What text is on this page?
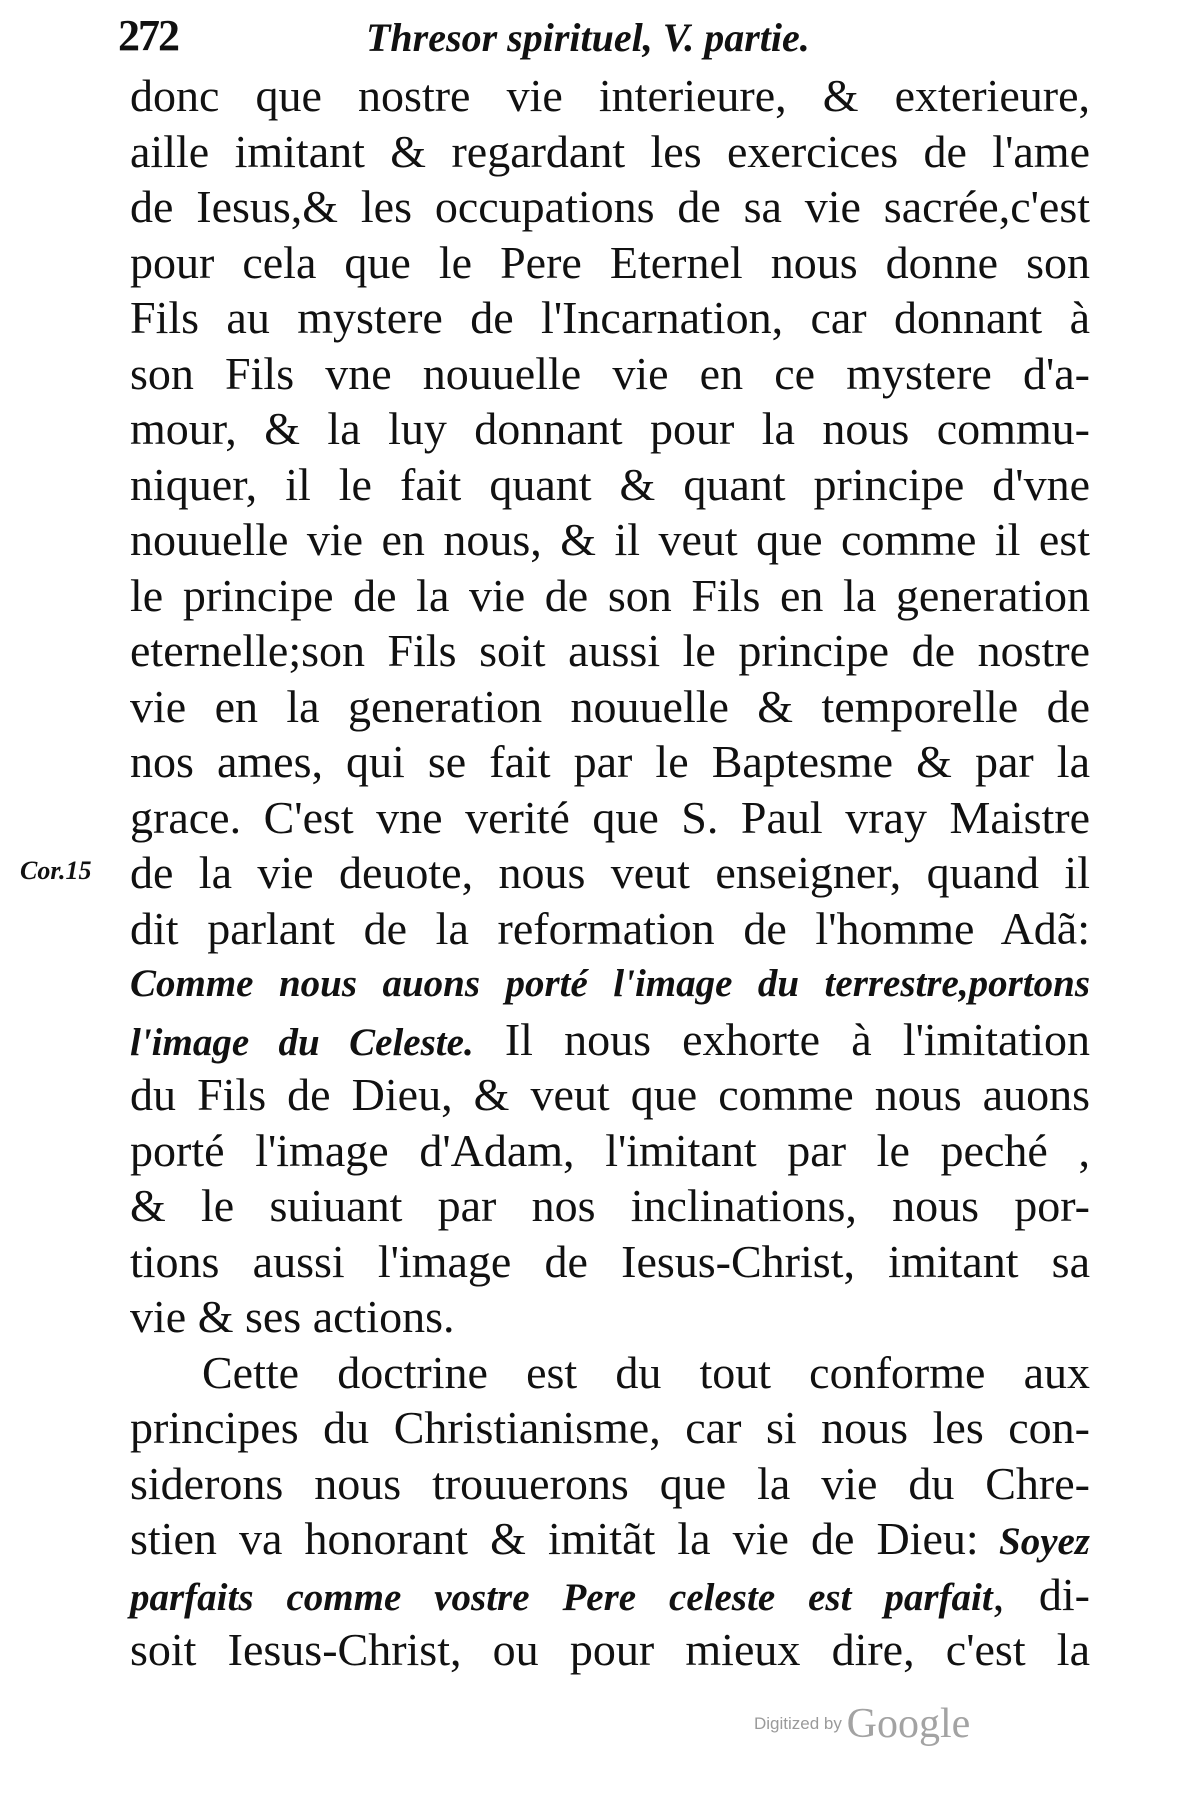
272	Thresor spirituel, V. partie.
Cor.15
donc que nostre vie interieure, & exterieure,
aille imitant & regardant les exercices de l'ame
de Iesus,& les occupations de sa vie sacrée,c'est
pour cela que le Pere Eternel nous donne son
Fils au mystere de l'Incarnation, car donnant à
son Fils vne nouuelle vie en ce mystere d'a-
mour, & la luy donnant pour la nous commu-
niquer, il le fait quant & quant principe d'vne
nouuelle vie en nous, & il veut que comme il est
le principe de la vie de son Fils en la generation
eternelle;son Fils soit aussi le principe de nostre
vie en la generation nouuelle & temporelle de
nos ames, qui se fait par le Baptesme & par la
grace. C'est vne verité que S. Paul vray Maistre
de la vie deuote, nous veut enseigner, quand il
dit parlant de la reformation de l'homme Adã:
Comme nous auons porté l'image du terrestre,portons
l'image du Celeste. Il nous exhorte à l'imitation
du Fils de Dieu, & veut que comme nous auons
porté l'image d'Adam, l'imitant par le peché ,
& le suiuant par nos inclinations, nous por-
tions aussi l'image de Iesus-Christ, imitant sa
vie & ses actions.
Cette doctrine est du tout conforme aux
principes du Christianisme, car si nous les con-
siderons nous trouuerons que la vie du Chre-
stien va honorant & imitãt la vie de Dieu: Soyez
parfaits comme vostre Pere celeste est parfait, di-
soit Iesus-Christ, ou pour mieux dire, c'est la
Digitized by Google
